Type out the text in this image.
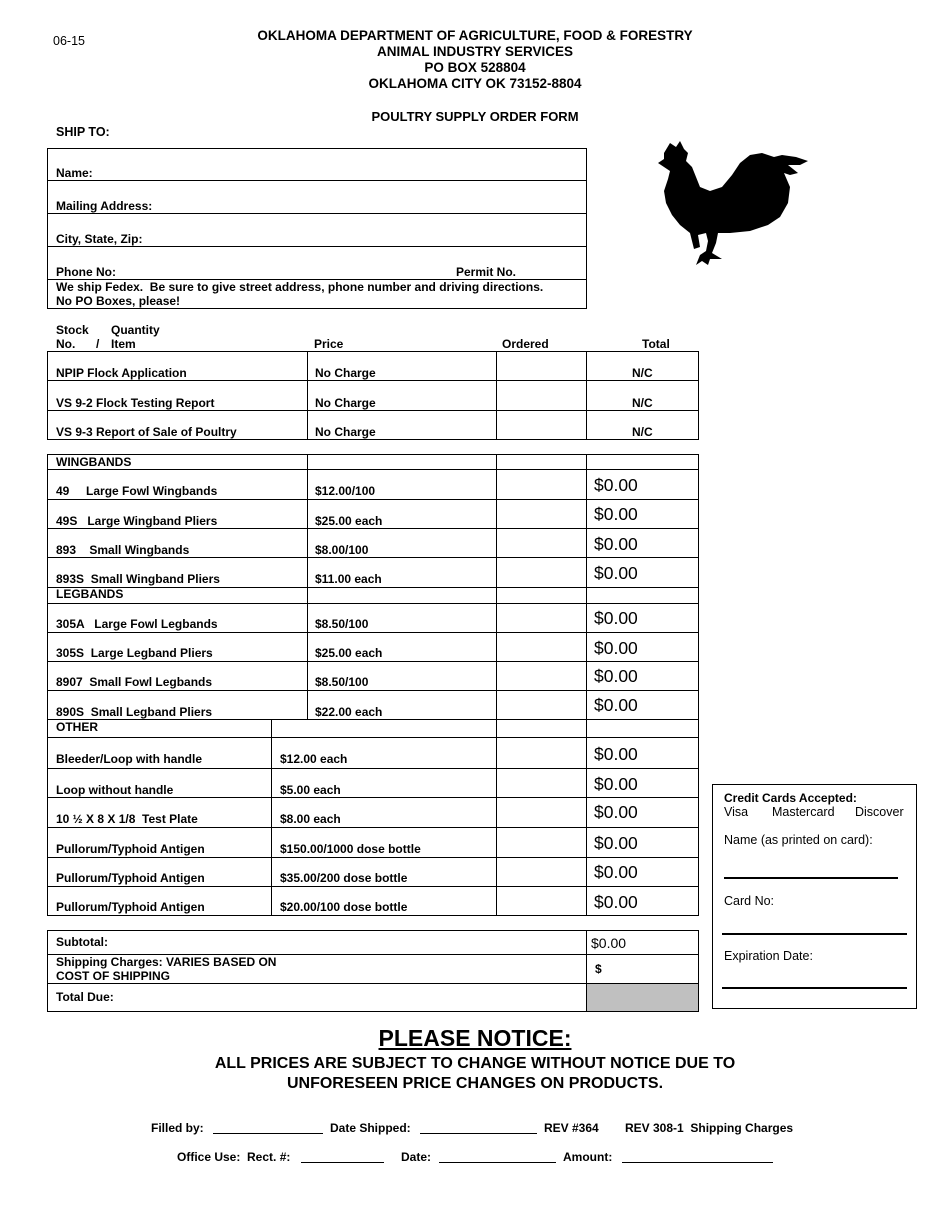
06-15	OKLAHOMA DEPARTMENT OF AGRICULTURE, FOOD & FORESTRY
ANIMAL INDUSTRY SERVICES
PO BOX 528804
OKLAHOMA CITY OK 73152-8804
POULTRY SUPPLY ORDER FORM
SHIP TO:
Name:
Mailing Address:
City, State, Zip:
Phone No:	Permit No.
We ship Fedex.  Be sure to give street address, phone number and driving directions.
No PO Boxes, please!
Stock Quantity
No. / Item	Price	Ordered	Total
NPIP Flock Application	No Charge	N/C
VS 9-2 Flock Testing Report	No Charge	N/C
VS 9-3 Report of Sale of Poultry	No Charge	N/C
WINGBANDS
49     Large Fowl Wingbands	$12.00/100	$0.00
49S   Large Wingband Pliers	$25.00 each	$0.00
893    Small Wingbands	$8.00/100	$0.00
893S  Small Wingband Pliers	$11.00 each	$0.00
LEGBANDS
305A   Large Fowl Legbands	$8.50/100	$0.00
305S  Large Legband Pliers	$25.00 each	$0.00
8907  Small Fowl Legbands	$8.50/100	$0.00
890S  Small Legband Pliers	$22.00 each	$0.00
OTHER
Bleeder/Loop with handle	$12.00 each	$0.00
Loop without handle	$5.00 each	$0.00
10 ½ X 8 X 1/8  Test Plate	$8.00 each	$0.00
Pullorum/Typhoid Antigen	$150.00/1000 dose bottle	$0.00
Pullorum/Typhoid Antigen	$35.00/200 dose bottle	$0.00
Pullorum/Typhoid Antigen	$20.00/100 dose bottle	$0.00
Subtotal:	$0.00
Shipping Charges: VARIES BASED ON
COST OF SHIPPING	$
Total Due:
Credit Cards Accepted:
Visa Mastercard Discover
Name (as printed on card):
Card No:
Expiration Date:
PLEASE NOTICE:
ALL PRICES ARE SUBJECT TO CHANGE WITHOUT NOTICE DUE TO
UNFORESEEN PRICE CHANGES ON PRODUCTS.
Filled by:	Date Shipped:	REV #364 REV 308-1  Shipping Charges
Office Use:  Rect. #:	Date:	Amount:
